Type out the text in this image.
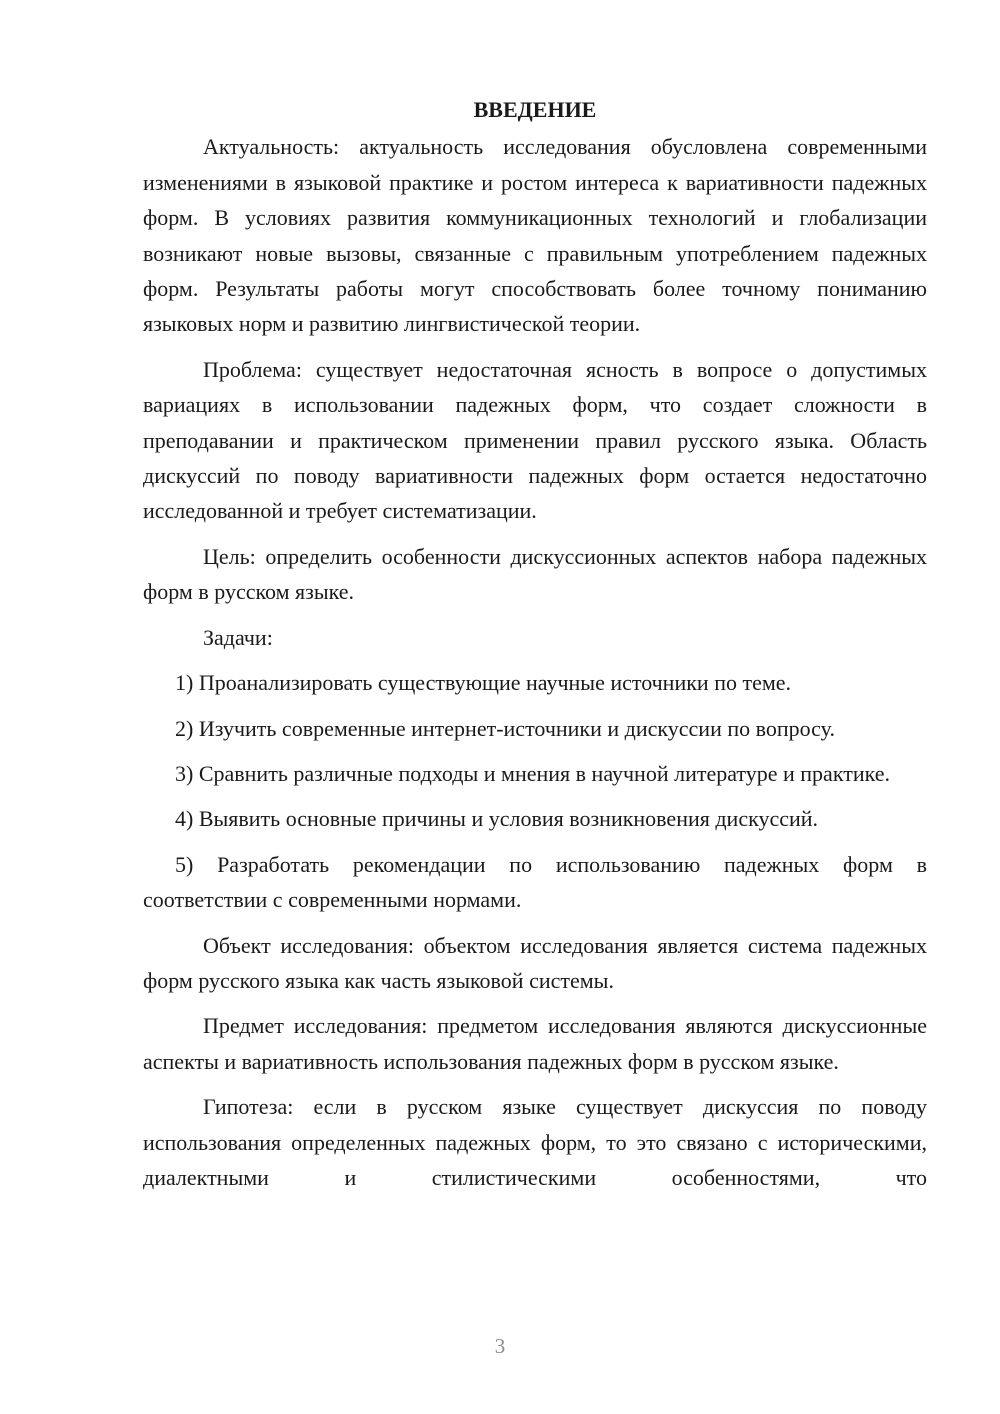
ВВЕДЕНИЕ

Актуальность: актуальность исследования обусловлена современными изменениями в языковой практике и ростом интереса к вариативности падежных форм. В условиях развития коммуникационных технологий и глобализации возникают новые вызовы, связанные с правильным употреблением падежных форм. Результаты работы могут способствовать более точному пониманию языковых норм и развитию лингвистической теории.

Проблема: существует недостаточная ясность в вопросе о допустимых вариациях в использовании падежных форм, что создает сложности в преподавании и практическом применении правил русского языка. Область дискуссий по поводу вариативности падежных форм остается недостаточно исследованной и требует систематизации.

Цель: определить особенности дискуссионных аспектов набора падежных форм в русском языке.

Задачи:

1) Проанализировать существующие научные источники по теме.

2) Изучить современные интернет-источники и дискуссии по вопросу.

3) Сравнить различные подходы и мнения в научной литературе и практике.

4) Выявить основные причины и условия возникновения дискуссий.

5) Разработать рекомендации по использованию падежных форм в соответствии с современными нормами.

Объект исследования: объектом исследования является система падежных форм русского языка как часть языковой системы.

Предмет исследования: предметом исследования являются дискуссионные аспекты и вариативность использования падежных форм в русском языке.

Гипотеза: если в русском языке существует дискуссия по поводу использования определенных падежных форм, то это связано с историческими, диалектными и стилистическими особенностями, что

3
